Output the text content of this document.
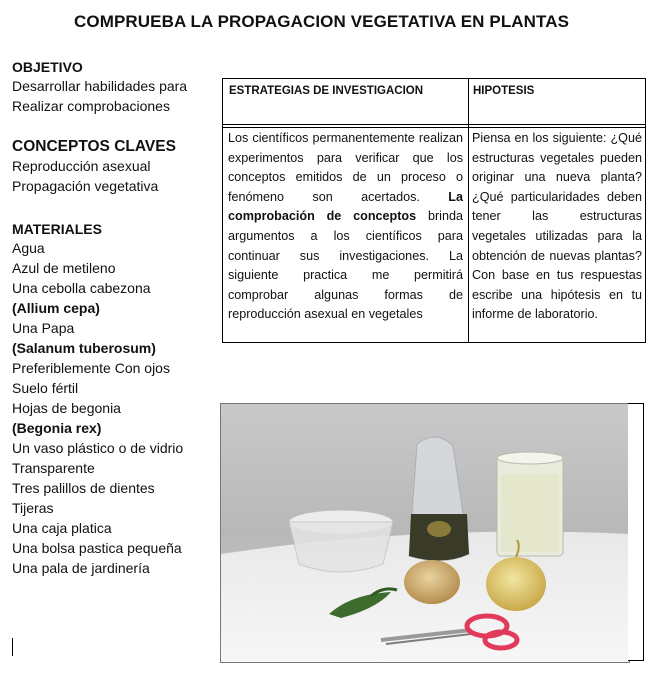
COMPRUEBA LA PROPAGACION VEGETATIVA EN PLANTAS
OBJETIVO
Desarrollar habilidades para
Realizar comprobaciones
CONCEPTOS CLAVES
Reproducción asexual
Propagación vegetativa
MATERIALES
Agua
Azul de metileno
Una cebolla cabezona
(Allium cepa)
Una Papa
(Salanum tuberosum)
Preferiblemente Con ojos
Suelo fértil
Hojas de begonia
(Begonia rex)
Un vaso plástico o de vidrio
Transparente
Tres palillos de dientes
Tijeras
Una caja platica
Una bolsa pastica pequeña
Una pala de jardinería
ESTRATEGIAS DE INVESTIGACION	HIPOTESIS
Los científicos permanentemente realizan experimentos para verificar que los conceptos emitidos de un proceso o fenómeno son acertados. La comprobación de conceptos brinda argumentos a los científicos para continuar sus investigaciones. La siguiente practica me permitirá comprobar algunas formas de reproducción asexual en vegetales
Piensa en los siguiente: ¿Qué estructuras vegetales pueden originar una nueva planta? ¿Qué particularidades deben tener las estructuras vegetales utilizadas para la obtención de nuevas plantas? Con base en tus respuestas escribe una hipótesis en tu informe de laboratorio.
